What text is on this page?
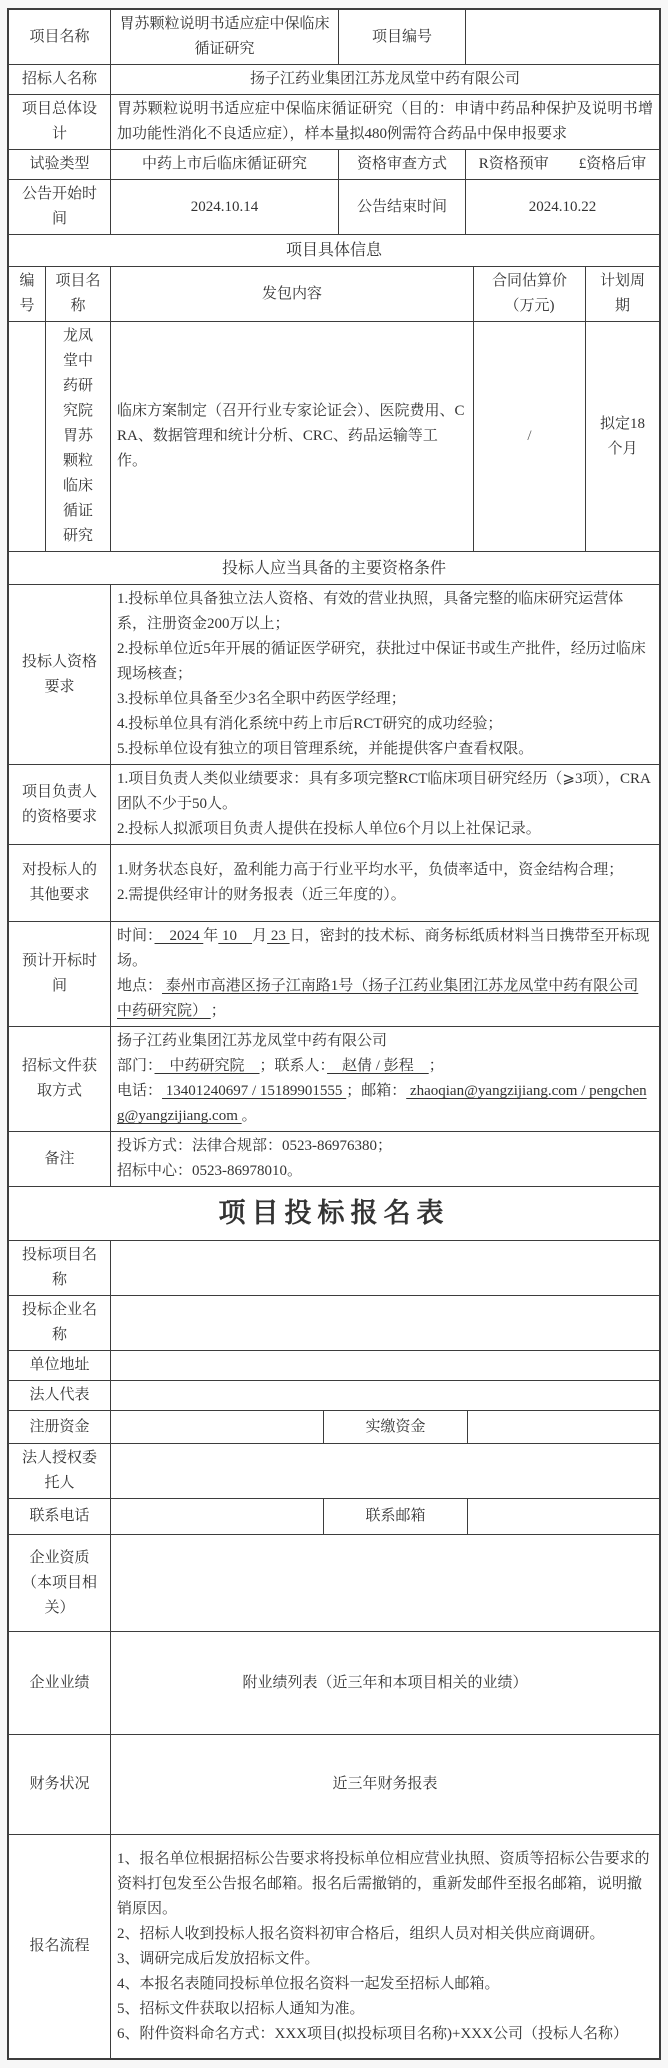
项目名称	胃苏颗粒说明书适应症中保临床循证研究	项目编号	
招标人名称	扬子江药业集团江苏龙凤堂中药有限公司		
项目总体设计	胃苏颗粒说明书适应症中保临床循证研究（目的：申请中药品种保护及说明书增加功能性消化不良适应症），样本量拟480例需符合药品中保申报要求		
试验类型	中药上市后临床循证研究	资格审查方式	R资格预审　　£资格后审
公告开始时间	2024.10.14	公告结束时间	2024.10.22
项目具体信息				
编号	项目名称	发包内容	合同估算价（万元)	计划周期
	龙凤堂中药研究院胃苏颗粒临床循证研究	临床方案制定（召开行业专家论证会）、医院费用、CRA、数据管理和统计分析、CRC、药品运输等工作。	/	拟定18个月
投标人应当具备的主要资格条件	
投标人资格要求	1.投标单位具备独立法人资格、有效的营业执照，具备完整的临床研究运营体系，注册资金200万以上；
2.投标单位近5年开展的循证医学研究，获批过中保证书或生产批件，经历过临床现场核查；
3.投标单位具备至少3名全职中药医学经理；
4.投标单位具有消化系统中药上市后RCT研究的成功经验；
5.投标单位设有独立的项目管理系统，并能提供客户查看权限。

项目负责人的资格要求	1.项目负责人类似业绩要求：具有多项完整RCT临床项目研究经历（⩾3项），CRA团队不少于50人。
2.投标人拟派项目负责人提供在投标人单位6个月以上社保记录。

对投标人的其他要求	1.财务状态良好，盈利能力高于行业平均水平，负债率适中，资金结构合理；
2.需提供经审计的财务报表（近三年度的）。

预计开标时间	时间：　2024 年 10　月 23 日，密封的技术标、商务标纸质材料当日携带至开标现场。

地点： 泰州市高港区扬子江南路1号（扬子江药业集团江苏龙凤堂中药有限公司中药研究院） ；

招标文件获取方式	扬子江药业集团江苏龙凤堂中药有限公司

部门：　中药研究院　；联系人：　赵倩 / 彭程　；

电话： 13401240697 / 15189901555 ；邮箱： zhaoqian@yangzijiang.com / pengcheng@yangzijiang.com 。

备注	投诉方式：法律合规部：0523-86976380；
招标中心：0523-86978010。

项目投标报名表	
投标项目名称	
投标企业名称	
单位地址	
法人代表	
注册资金		实缴资金	
法人授权委托人	
联系电话		联系邮箱	
企业资质（本项目相关）	
企业业绩	附业绩列表（近三年和本项目相关的业绩）
财务状况	近三年财务报表
报名流程	
1、报名单位根据招标公告要求将投标单位相应营业执照、资质等招标公告要求的资料打包发至公告报名邮箱。报名后需撤销的，重新发邮件至报名邮箱，说明撤销原因。
2、招标人收到投标人报名资料初审合格后，组织人员对相关供应商调研。
3、调研完成后发放招标文件。
4、本报名表随同投标单位报名资料一起发至招标人邮箱。
5、招标文件获取以招标人通知为准。
6、附件资料命名方式：XXX项目(拟投标项目名称)+XXX公司（投标人名称）
